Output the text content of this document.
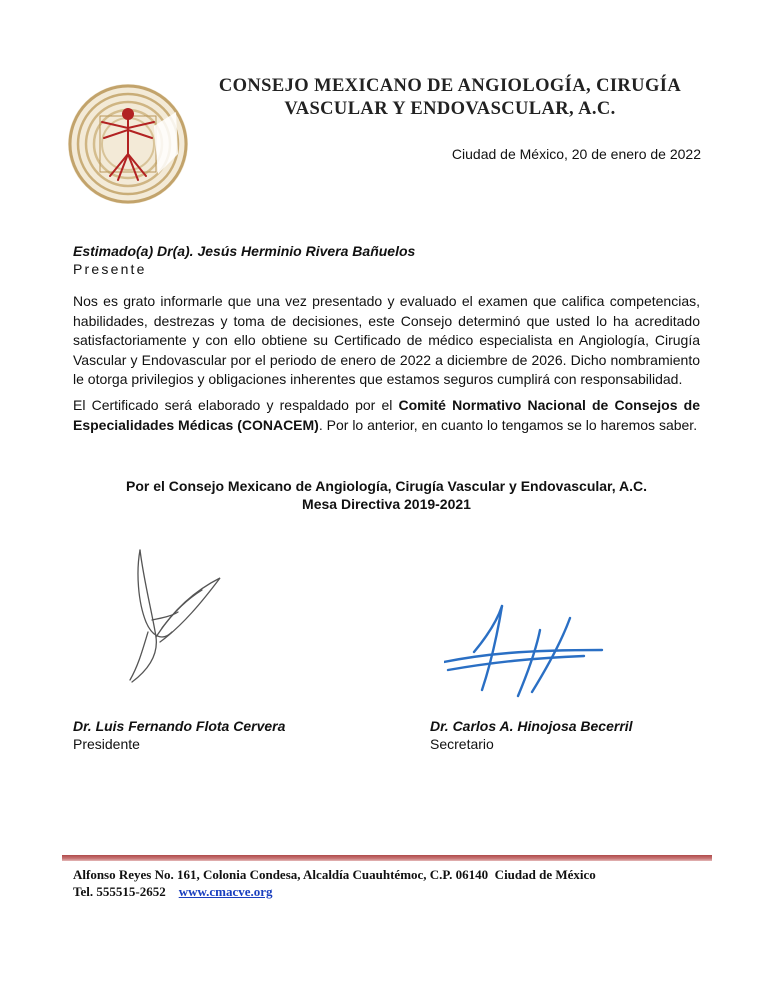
CONSEJO MEXICANO DE ANGIOLOGÍA, CIRUGÍA
VASCULAR Y ENDOVASCULAR, A.C.
Ciudad de México, 20 de enero de 2022
Estimado(a) Dr(a). Jesús Herminio Rivera Bañuelos
Presente
Nos es grato informarle que una vez presentado y evaluado el examen que califica competencias, habilidades, destrezas y toma de decisiones, este Consejo determinó que usted lo ha acreditado satisfactoriamente y con ello obtiene su Certificado de médico especialista en Angiología, Cirugía Vascular y Endovascular por el periodo de enero de 2022 a diciembre de 2026. Dicho nombramiento le otorga privilegios y obligaciones inherentes que estamos seguros cumplirá con responsabilidad.
El Certificado será elaborado y respaldado por el Comité Normativo Nacional de Consejos de Especialidades Médicas (CONACEM). Por lo anterior, en cuanto lo tengamos se lo haremos saber.
Por el Consejo Mexicano de Angiología, Cirugía Vascular y Endovascular, A.C.
Mesa Directiva 2019-2021
Dr. Luis Fernando Flota Cervera
Presidente
Dr. Carlos A. Hinojosa Becerril
Secretario
Alfonso Reyes No. 161, Colonia Condesa, Alcaldía Cuauhtémoc, C.P. 06140  Ciudad de México
Tel. 555515-2652 www.cmacve.org
